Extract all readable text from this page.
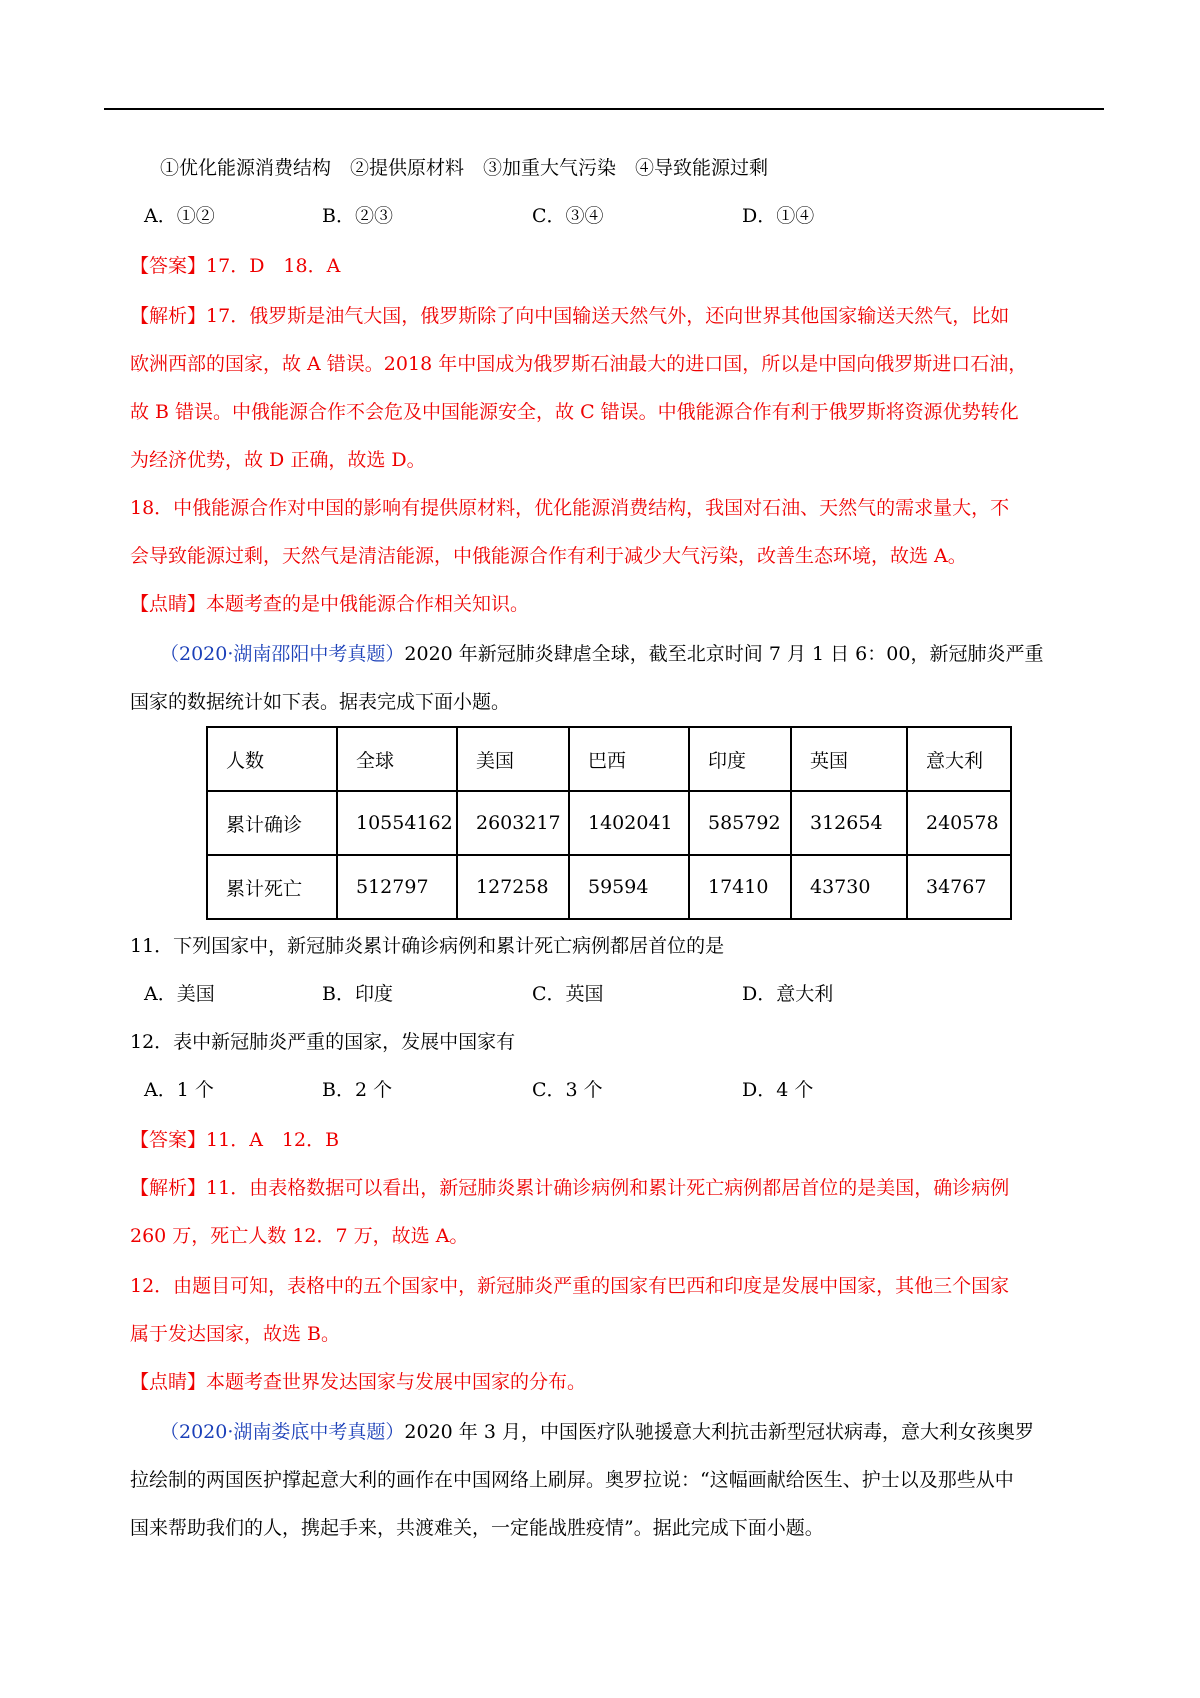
①优化能源消费结构　②提供原材料　③加重大气污染　④导致能源过剩
A．①②	B．②③	C．③④	D．①④
【答案】17．D　18．A
【解析】17．俄罗斯是油气大国，俄罗斯除了向中国输送天然气外，还向世界其他国家输送天然气，比如
欧洲西部的国家，故 A 错误。2018 年中国成为俄罗斯石油最大的进口国，所以是中国向俄罗斯进口石油，
故 B 错误。中俄能源合作不会危及中国能源安全，故 C 错误。中俄能源合作有利于俄罗斯将资源优势转化
为经济优势，故 D 正确，故选 D。
18．中俄能源合作对中国的影响有提供原材料，优化能源消费结构，我国对石油、天然气的需求量大，不
会导致能源过剩，天然气是清洁能源，中俄能源合作有利于减少大气污染，改善生态环境，故选 A。
【点睛】本题考查的是中俄能源合作相关知识。
（2020·湖南邵阳中考真题）2020 年新冠肺炎肆虐全球，截至北京时间 7 月 1 日 6：00，新冠肺炎严重
国家的数据统计如下表。据表完成下面小题。
人数	全球	美国	巴西	印度	英国	意大利
累计确诊	10554162	2603217	1402041	585792	312654	240578
累计死亡	512797	127258	59594	17410	43730	34767
11．下列国家中，新冠肺炎累计确诊病例和累计死亡病例都居首位的是
A．美国	B．印度	C．英国	D．意大利
12．表中新冠肺炎严重的国家，发展中国家有
A．1 个	B．2 个	C．3 个	D．4 个
【答案】11．A　12．B
【解析】11．由表格数据可以看出，新冠肺炎累计确诊病例和累计死亡病例都居首位的是美国，确诊病例
260 万，死亡人数 12．7 万，故选 A。
12．由题目可知，表格中的五个国家中，新冠肺炎严重的国家有巴西和印度是发展中国家，其他三个国家
属于发达国家，故选 B。
【点睛】本题考查世界发达国家与发展中国家的分布。
（2020·湖南娄底中考真题）2020 年 3 月，中国医疗队驰援意大利抗击新型冠状病毒，意大利女孩奥罗
拉绘制的两国医护撑起意大利的画作在中国网络上刷屏。奥罗拉说：“这幅画献给医生、护士以及那些从中
国来帮助我们的人，携起手来，共渡难关，一定能战胜疫情”。据此完成下面小题。
